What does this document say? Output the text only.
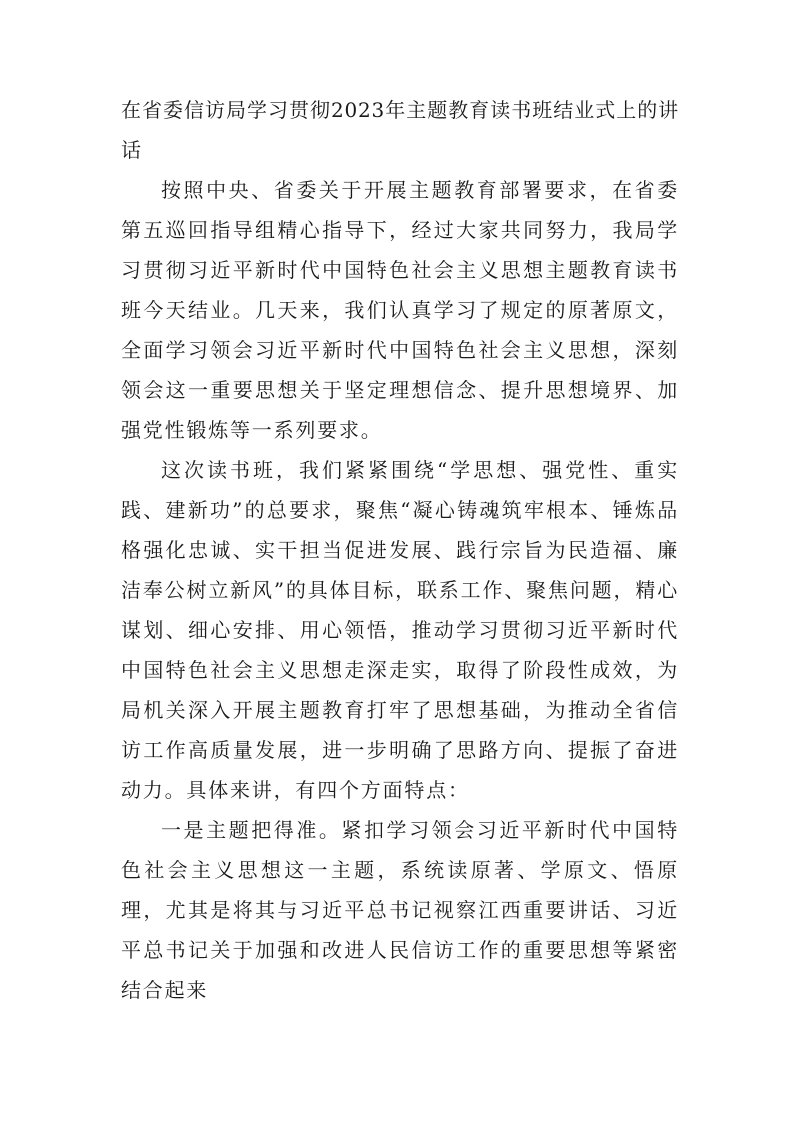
在省委信访局学习贯彻2023年主题教育读书班结业式上的讲话

按照中央、省委关于开展主题教育部署要求，在省委第五巡回指导组精心指导下，经过大家共同努力，我局学习贯彻习近平新时代中国特色社会主义思想主题教育读书班今天结业。几天来，我们认真学习了规定的原著原文，全面学习领会习近平新时代中国特色社会主义思想，深刻领会这一重要思想关于坚定理想信念、提升思想境界、加强党性锻炼等一系列要求。

这次读书班，我们紧紧围绕“学思想、强党性、重实践、建新功”的总要求，聚焦“凝心铸魂筑牢根本、锤炼品格强化忠诚、实干担当促进发展、践行宗旨为民造福、廉洁奉公树立新风”的具体目标，联系工作、聚焦问题，精心谋划、细心安排、用心领悟，推动学习贯彻习近平新时代中国特色社会主义思想走深走实，取得了阶段性成效，为局机关深入开展主题教育打牢了思想基础，为推动全省信访工作高质量发展，进一步明确了思路方向、提振了奋进动力。具体来讲，有四个方面特点：

一是主题把得准。紧扣学习领会习近平新时代中国特色社会主义思想这一主题，系统读原著、学原文、悟原理，尤其是将其与习近平总书记视察江西重要讲话、习近平总书记关于加强和改进人民信访工作的重要思想等紧密结合起来
